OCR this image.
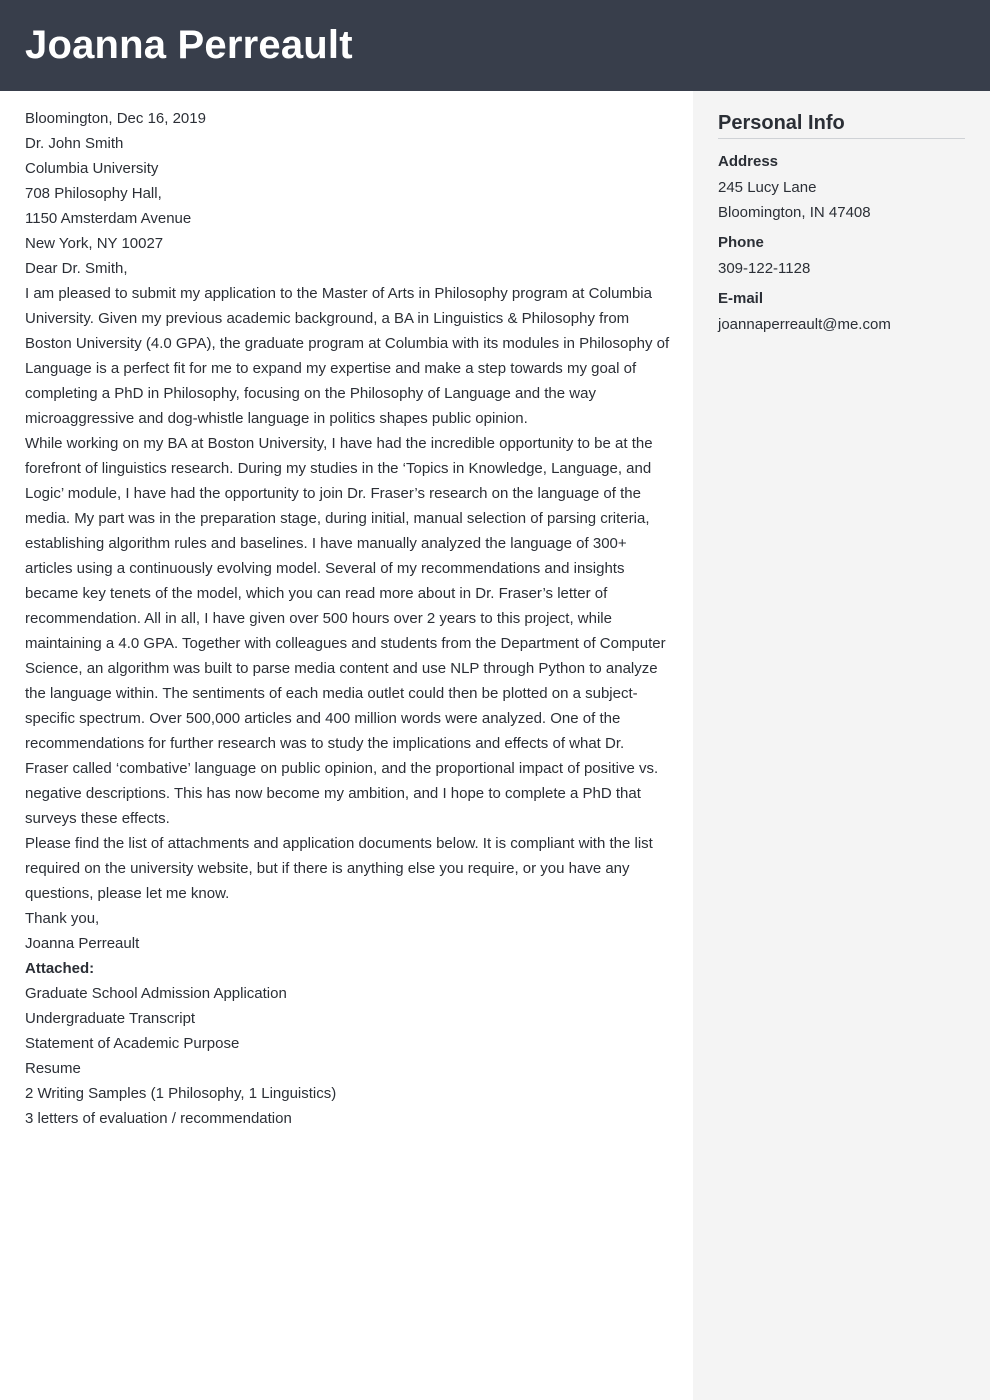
Joanna Perreault

Bloomington, Dec 16, 2019

Dr. John Smith
Columbia University
708 Philosophy Hall,
1150 Amsterdam Avenue
New York, NY 10027

Dear Dr. Smith,

I am pleased to submit my application to the Master of Arts in Philosophy program at Columbia University. Given my previous academic background, a BA in Linguistics & Philosophy from Boston University (4.0 GPA), the graduate program at Columbia with its modules in Philosophy of Language is a perfect fit for me to expand my expertise and make a step towards my goal of completing a PhD in Philosophy, focusing on the Philosophy of Language and the way microaggressive and dog-whistle language in politics shapes public opinion.

While working on my BA at Boston University, I have had the incredible opportunity to be at the forefront of linguistics research. During my studies in the ‘Topics in Knowledge, Language, and Logic’ module, I have had the opportunity to join Dr. Fraser’s research on the language of the media. My part was in the preparation stage, during initial, manual selection of parsing criteria, establishing algorithm rules and baselines. I have manually analyzed the language of 300+ articles using a continuously evolving model. Several of my recommendations and insights became key tenets of the model, which you can read more about in Dr. Fraser’s letter of recommendation. All in all, I have given over 500 hours over 2 years to this project, while maintaining a 4.0 GPA. Together with colleagues and students from the Department of Computer Science, an algorithm was built to parse media content and use NLP through Python to analyze the language within. The sentiments of each media outlet could then be plotted on a subject-specific spectrum. Over 500,000 articles and 400 million words were analyzed. One of the recommendations for further research was to study the implications and effects of what Dr. Fraser called ‘combative’ language on public opinion, and the proportional impact of positive vs. negative descriptions. This has now become my ambition, and I hope to complete a PhD that surveys these effects.

Please find the list of attachments and application documents below. It is compliant with the list required on the university website, but if there is anything else you require, or you have any questions, please let me know.

Thank you,

Joanna Perreault

Attached:
Graduate School Admission Application
Undergraduate Transcript
Statement of Academic Purpose
Resume
2 Writing Samples (1 Philosophy, 1 Linguistics)
3 letters of evaluation / recommendation

Personal Info
Address
245 Lucy Lane
Bloomington, IN 47408
Phone
309-122-1128
E-mail
joannaperreault@me.com
